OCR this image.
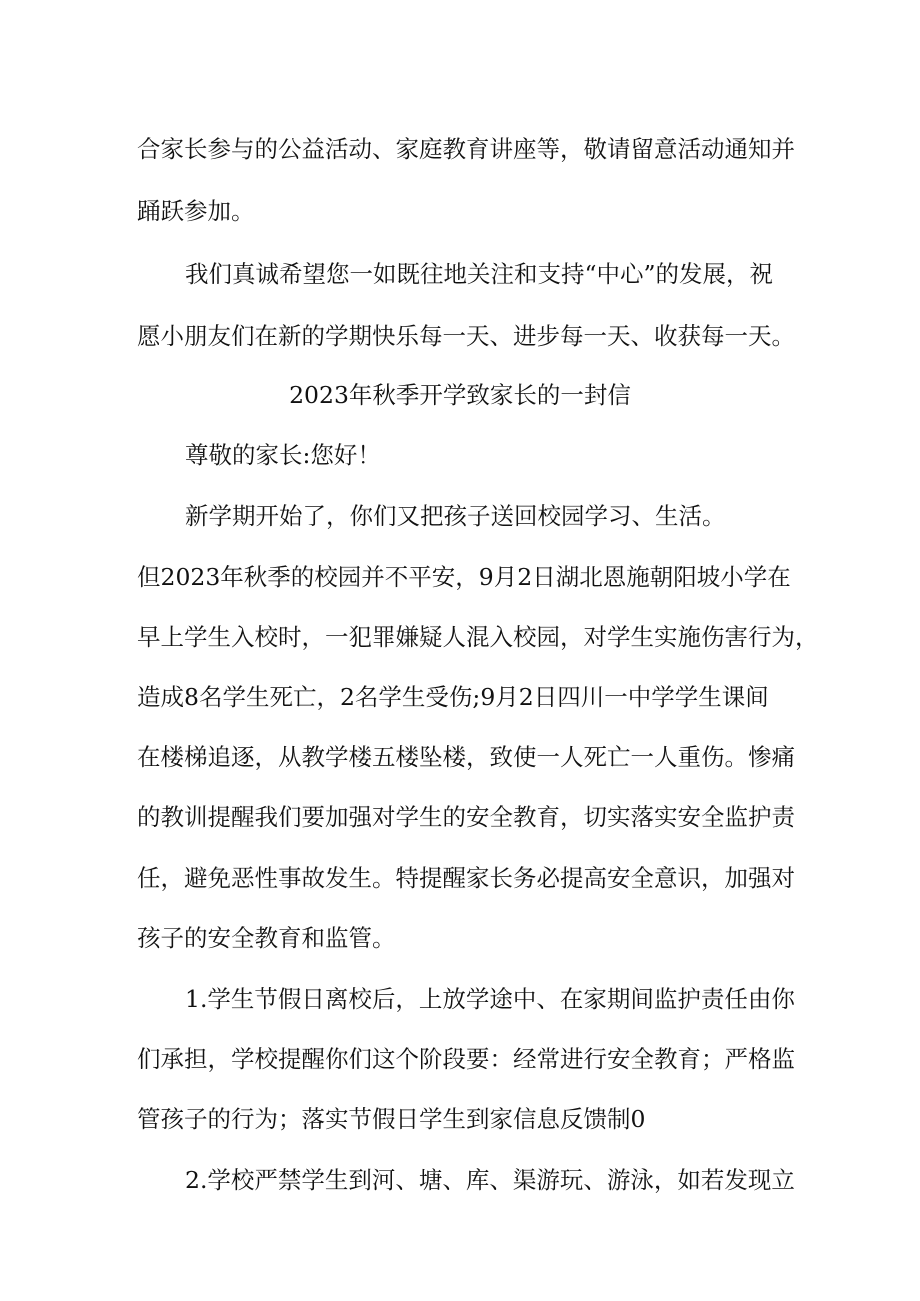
合家长参与的公益活动、家庭教育讲座等，敬请留意活动通知并
踊跃参加。
我们真诚希望您一如既往地关注和支持“中心”的发展，祝
愿小朋友们在新的学期快乐每一天、进步每一天、收获每一天。
2023年秋季开学致家长的一封信
尊敬的家长:您好！
新学期开始了，你们又把孩子送回校园学习、生活。
但2023年秋季的校园并不平安，9月2日湖北恩施朝阳坡小学在
早上学生入校时，一犯罪嫌疑人混入校园，对学生实施伤害行为，
造成8名学生死亡，2名学生受伤;9月2日四川一中学学生课间
在楼梯追逐，从教学楼五楼坠楼，致使一人死亡一人重伤。惨痛
的教训提醒我们要加强对学生的安全教育，切实落实安全监护责
任，避免恶性事故发生。特提醒家长务必提高安全意识，加强对
孩子的安全教育和监管。
1.学生节假日离校后，上放学途中、在家期间监护责任由你
们承担，学校提醒你们这个阶段要：经常进行安全教育；严格监
管孩子的行为；落实节假日学生到家信息反馈制0
2.学校严禁学生到河、塘、库、渠游玩、游泳，如若发现立
